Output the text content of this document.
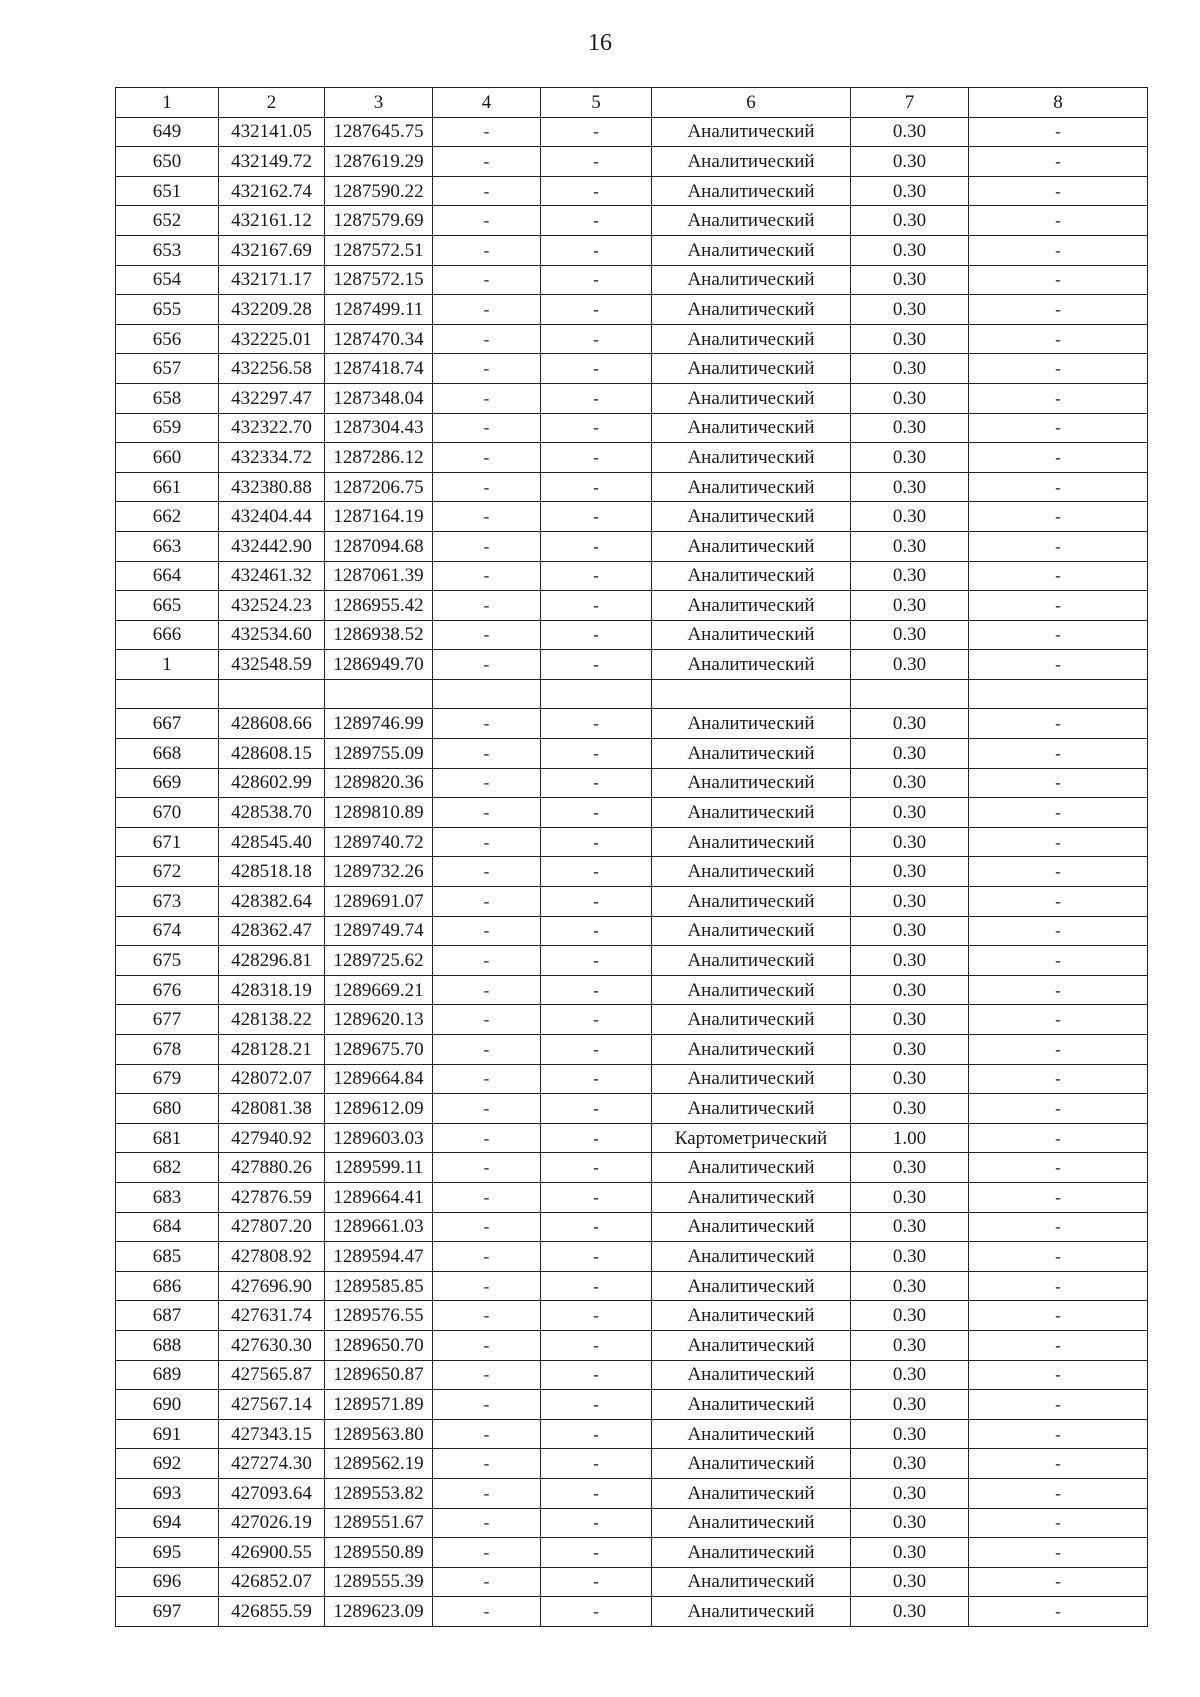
16
1	2	3	4	5	6	7	8
649	432141.05	1287645.75	-	-	Аналитический	0.30	-
650	432149.72	1287619.29	-	-	Аналитический	0.30	-
651	432162.74	1287590.22	-	-	Аналитический	0.30	-
652	432161.12	1287579.69	-	-	Аналитический	0.30	-
653	432167.69	1287572.51	-	-	Аналитический	0.30	-
654	432171.17	1287572.15	-	-	Аналитический	0.30	-
655	432209.28	1287499.11	-	-	Аналитический	0.30	-
656	432225.01	1287470.34	-	-	Аналитический	0.30	-
657	432256.58	1287418.74	-	-	Аналитический	0.30	-
658	432297.47	1287348.04	-	-	Аналитический	0.30	-
659	432322.70	1287304.43	-	-	Аналитический	0.30	-
660	432334.72	1287286.12	-	-	Аналитический	0.30	-
661	432380.88	1287206.75	-	-	Аналитический	0.30	-
662	432404.44	1287164.19	-	-	Аналитический	0.30	-
663	432442.90	1287094.68	-	-	Аналитический	0.30	-
664	432461.32	1287061.39	-	-	Аналитический	0.30	-
665	432524.23	1286955.42	-	-	Аналитический	0.30	-
666	432534.60	1286938.52	-	-	Аналитический	0.30	-
1	432548.59	1286949.70	-	-	Аналитический	0.30	-

667	428608.66	1289746.99	-	-	Аналитический	0.30	-
668	428608.15	1289755.09	-	-	Аналитический	0.30	-
669	428602.99	1289820.36	-	-	Аналитический	0.30	-
670	428538.70	1289810.89	-	-	Аналитический	0.30	-
671	428545.40	1289740.72	-	-	Аналитический	0.30	-
672	428518.18	1289732.26	-	-	Аналитический	0.30	-
673	428382.64	1289691.07	-	-	Аналитический	0.30	-
674	428362.47	1289749.74	-	-	Аналитический	0.30	-
675	428296.81	1289725.62	-	-	Аналитический	0.30	-
676	428318.19	1289669.21	-	-	Аналитический	0.30	-
677	428138.22	1289620.13	-	-	Аналитический	0.30	-
678	428128.21	1289675.70	-	-	Аналитический	0.30	-
679	428072.07	1289664.84	-	-	Аналитический	0.30	-
680	428081.38	1289612.09	-	-	Аналитический	0.30	-
681	427940.92	1289603.03	-	-	Картометрический	1.00	-
682	427880.26	1289599.11	-	-	Аналитический	0.30	-
683	427876.59	1289664.41	-	-	Аналитический	0.30	-
684	427807.20	1289661.03	-	-	Аналитический	0.30	-
685	427808.92	1289594.47	-	-	Аналитический	0.30	-
686	427696.90	1289585.85	-	-	Аналитический	0.30	-
687	427631.74	1289576.55	-	-	Аналитический	0.30	-
688	427630.30	1289650.70	-	-	Аналитический	0.30	-
689	427565.87	1289650.87	-	-	Аналитический	0.30	-
690	427567.14	1289571.89	-	-	Аналитический	0.30	-
691	427343.15	1289563.80	-	-	Аналитический	0.30	-
692	427274.30	1289562.19	-	-	Аналитический	0.30	-
693	427093.64	1289553.82	-	-	Аналитический	0.30	-
694	427026.19	1289551.67	-	-	Аналитический	0.30	-
695	426900.55	1289550.89	-	-	Аналитический	0.30	-
696	426852.07	1289555.39	-	-	Аналитический	0.30	-
697	426855.59	1289623.09	-	-	Аналитический	0.30	-
